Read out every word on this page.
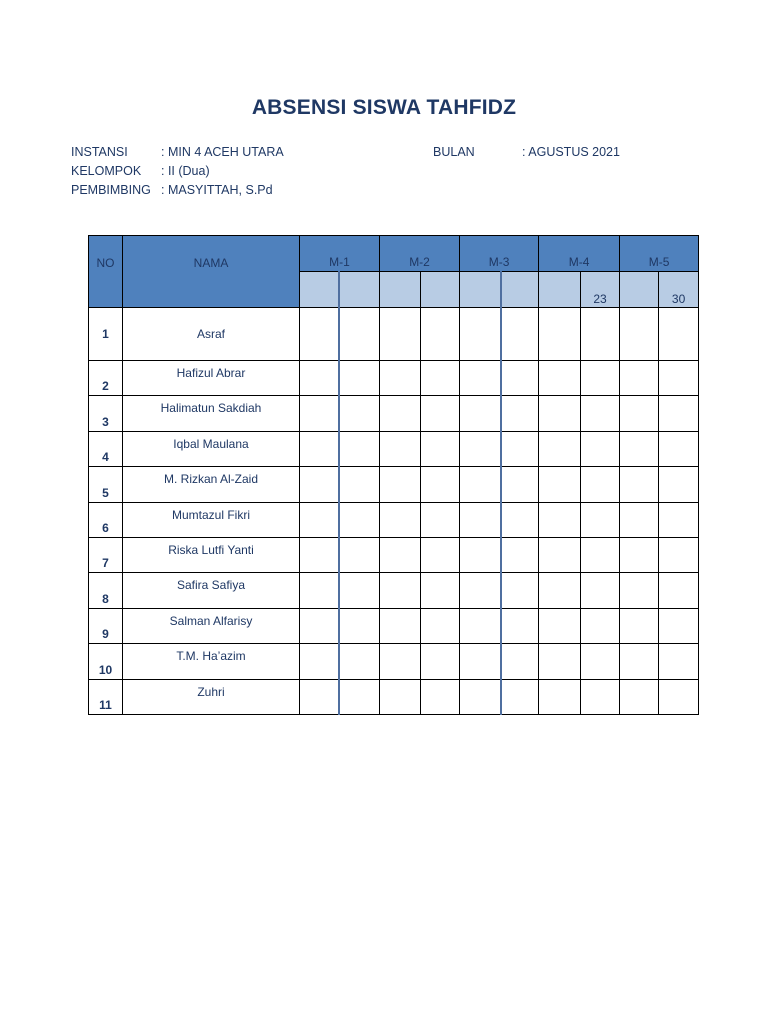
ABSENSI SISWA TAHFIDZ
INSTANSI	: MIN 4 ACEH UTARA
KELOMPOK : II (Dua)
PEMBIMBING : MASYITTAH, S.Pd
BULAN	: AGUSTUS 2021
NO	NAMA	M-1		M-2		M-3		M-4		M-5	
									23		30
1	Asraf										
2	Hafizul Abrar										
3	Halimatun Sakdiah										
4	Iqbal Maulana										
5	M. Rizkan Al-Zaid										
6	Mumtazul Fikri										
7	Riska Lutfi Yanti										
8	Safira Safiya										
9	Salman Alfarisy										
10	T.M. Ha’azim										
11	Zuhri										
